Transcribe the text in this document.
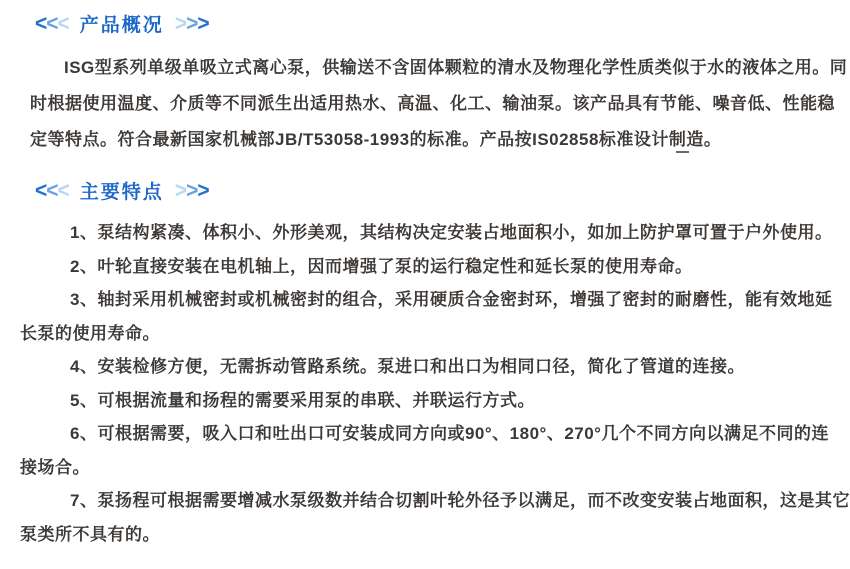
< < < 产品概况 > > >
ISG型系列单级单吸立式离心泵，供输送不含固体颗粒的清水及物理化学性质类似于水的液体之用。同
时根据使用温度、介质等不同派生出适用热水、高温、化工、输油泵。该产品具有节能、噪音低、性能稳
定等特点。符合最新国家机械部JB/T53058-1993的标准。产品按IS02858标准设计制造。
< < < 主要特点 > > >
1、泵结构紧凑、体积小、外形美观，其结构决定安装占地面积小，如加上防护罩可置于户外使用。
2、叶轮直接安装在电机轴上，因而增强了泵的运行稳定性和延长泵的使用寿命。
3、轴封采用机械密封或机械密封的组合，采用硬质合金密封环，增强了密封的耐磨性，能有效地延
长泵的使用寿命。
4、安装检修方便，无需拆动管路系统。泵进口和出口为相同口径，简化了管道的连接。
5、可根据流量和扬程的需要采用泵的串联、并联运行方式。
6、可根据需要，吸入口和吐出口可安装成同方向或90°、180°、270°几个不同方向以满足不同的连
接场合。
7、泵扬程可根据需要增减水泵级数并结合切割叶轮外径予以满足，而不改变安装占地面积，这是其它
泵类所不具有的。
